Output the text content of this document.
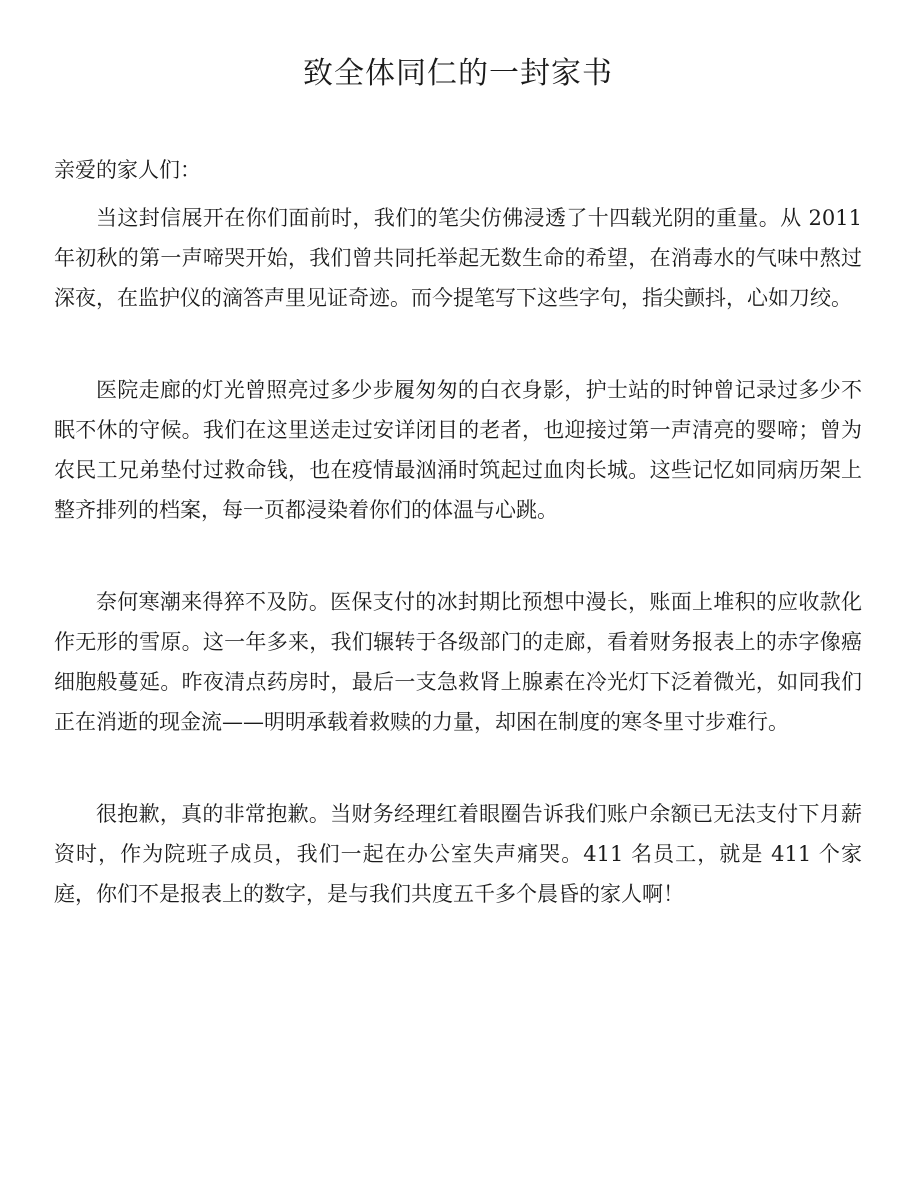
致全体同仁的一封家书

亲爱的家人们：

当这封信展开在你们面前时，我们的笔尖仿佛浸透了十四载光阴的重量。从 2011 年初秋的第一声啼哭开始，我们曾共同托举起无数生命的希望，在消毒水的气味中熬过深夜，在监护仪的滴答声里见证奇迹。而今提笔写下这些字句，指尖颤抖，心如刀绞。

医院走廊的灯光曾照亮过多少步履匆匆的白衣身影，护士站的时钟曾记录过多少不眠不休的守候。我们在这里送走过安详闭目的老者，也迎接过第一声清亮的婴啼；曾为农民工兄弟垫付过救命钱，也在疫情最汹涌时筑起过血肉长城。这些记忆如同病历架上整齐排列的档案，每一页都浸染着你们的体温与心跳。

奈何寒潮来得猝不及防。医保支付的冰封期比预想中漫长，账面上堆积的应收款化作无形的雪原。这一年多来，我们辗转于各级部门的走廊，看着财务报表上的赤字像癌细胞般蔓延。昨夜清点药房时，最后一支急救肾上腺素在冷光灯下泛着微光，如同我们正在消逝的现金流——明明承载着救赎的力量，却困在制度的寒冬里寸步难行。

很抱歉，真的非常抱歉。当财务经理红着眼圈告诉我们账户余额已无法支付下月薪资时，作为院班子成员，我们一起在办公室失声痛哭。411 名员工，就是 411 个家庭，你们不是报表上的数字，是与我们共度五千多个晨昏的家人啊！
